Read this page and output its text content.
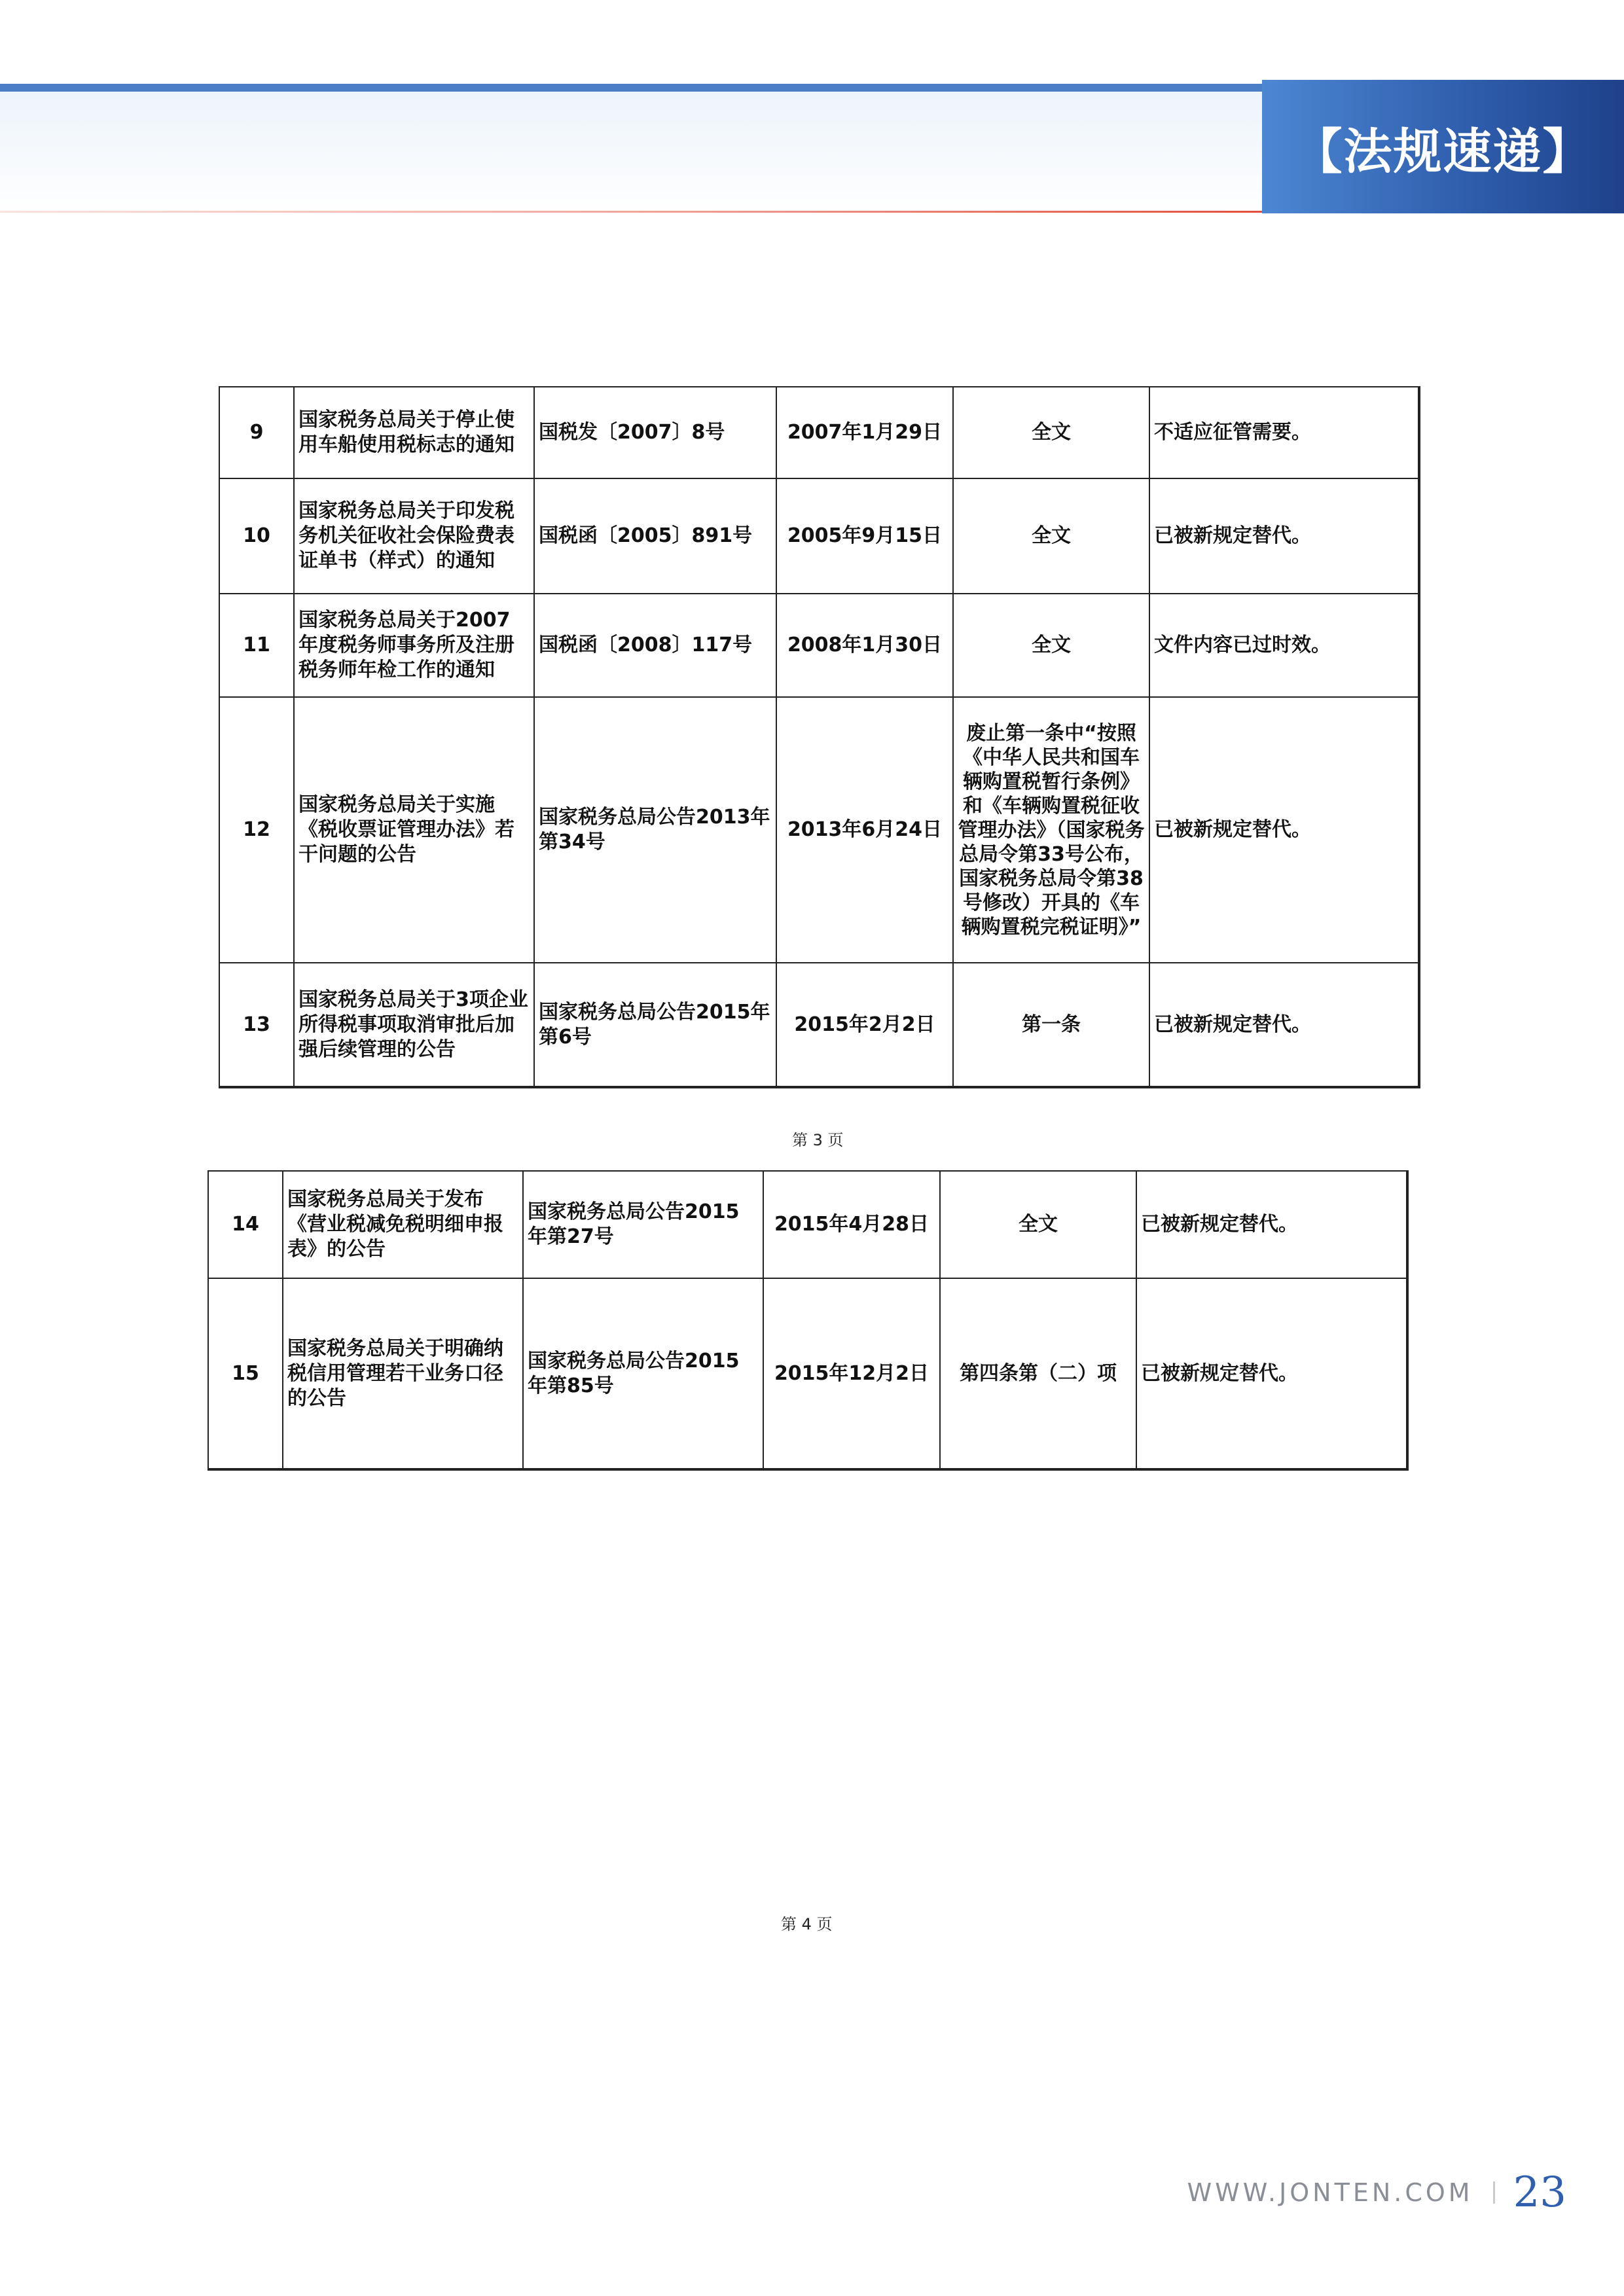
【法规速递】
9	国家税务总局关于停止使用车船使用税标志的通知	国税发〔2007〕8号	2007年1月29日	全文	不适应征管需要。
10	国家税务总局关于印发税务机关征收社会保险费表证单书（样式）的通知	国税函〔2005〕891号	2005年9月15日	全文	已被新规定替代。
11	国家税务总局关于2007年度税务师事务所及注册税务师年检工作的通知	国税函〔2008〕117号	2008年1月30日	全文	文件内容已过时效。
12	国家税务总局关于实施《税收票证管理办法》若干问题的公告	国家税务总局公告2013年第34号	2013年6月24日	废止第一条中“按照《中华人民共和国车辆购置税暂行条例》和《车辆购置税征收管理办法》（国家税务总局令第33号公布，国家税务总局令第38号修改）开具的《车辆购置税完税证明》”	已被新规定替代。
13	国家税务总局关于3项企业所得税事项取消审批后加强后续管理的公告	国家税务总局公告2015年第6号	2015年2月2日	第一条	已被新规定替代。
第 3 页
14	国家税务总局关于发布《营业税减免税明细申报表》的公告	国家税务总局公告2015年第27号	2015年4月28日	全文	已被新规定替代。
15	国家税务总局关于明确纳税信用管理若干业务口径的公告	国家税务总局公告2015年第85号	2015年12月2日	第四条第（二）项	已被新规定替代。
第 4 页
WWW.JONTEN.COM 23
